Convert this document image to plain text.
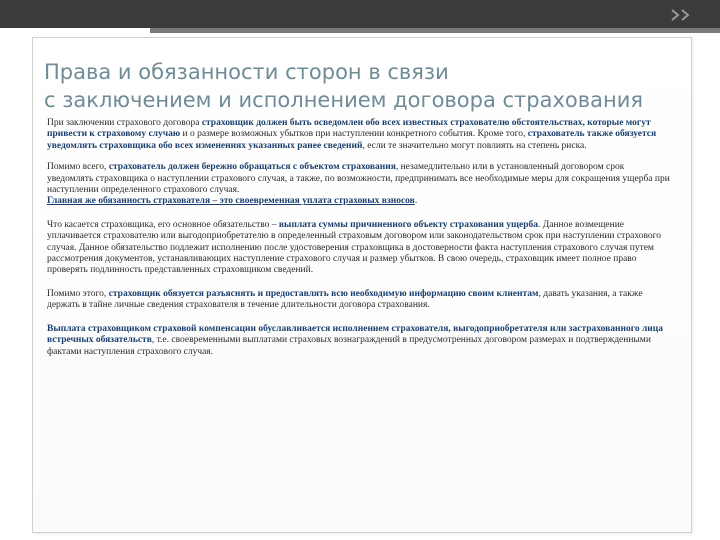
Права и обязанности сторон в связи
с заключением и исполнением договора страхования

При заключении страхового договора страховщик должен быть осведомлен обо всех известных страхователю обстоятельствах, которые могут привести к страховому случаю и о размере возможных убытков при наступлении конкретного события. Кроме того, страхователь также обязуется уведомлять страховщика обо всех изменениях указанных ранее сведений, если те значительно могут повлиять на степень риска.

Помимо всего, страхователь должен бережно обращаться с объектом страхования, незамедлительно или в установленный договором срок уведомлять страховщика о наступлении страхового случая, а также, по возможности, предпринимать все необходимые меры для сокращения ущерба при наступлении определенного страхового случая.
Главная же обязанность страхователя – это своевременная уплата страховых взносов.

Что касается страховщика, его основное обязательство – выплата суммы причиненного объекту страхования ущерба. Данное возмещение уплачивается страхователю или выгодоприобретателю в определенный страховым договором или законодательством срок при наступлении страхового случая. Данное обязательство подлежит исполнению после удостоверения страховщика в достоверности факта наступления страхового случая путем рассмотрения документов, устанавливающих наступление страхового случая и размер убытков. В свою очередь, страховщик имеет полное право проверять подлинность представленных страховщиком сведений.

Помимо этого, страховщик обязуется разъяснять и предоставлять всю необходимую информацию своим клиентам, давать указания, а также держать в тайне личные сведения страхователя в течение длительности договора страхования.

Выплата страховщиком страховой компенсации обуславливается исполнением страхователя, выгодоприобретателя или застрахованного лица встречных обязательств, т.е. своевременными выплатами страховых вознаграждений в предусмотренных договором размерах и подтвержденными фактами наступления страхового случая.
